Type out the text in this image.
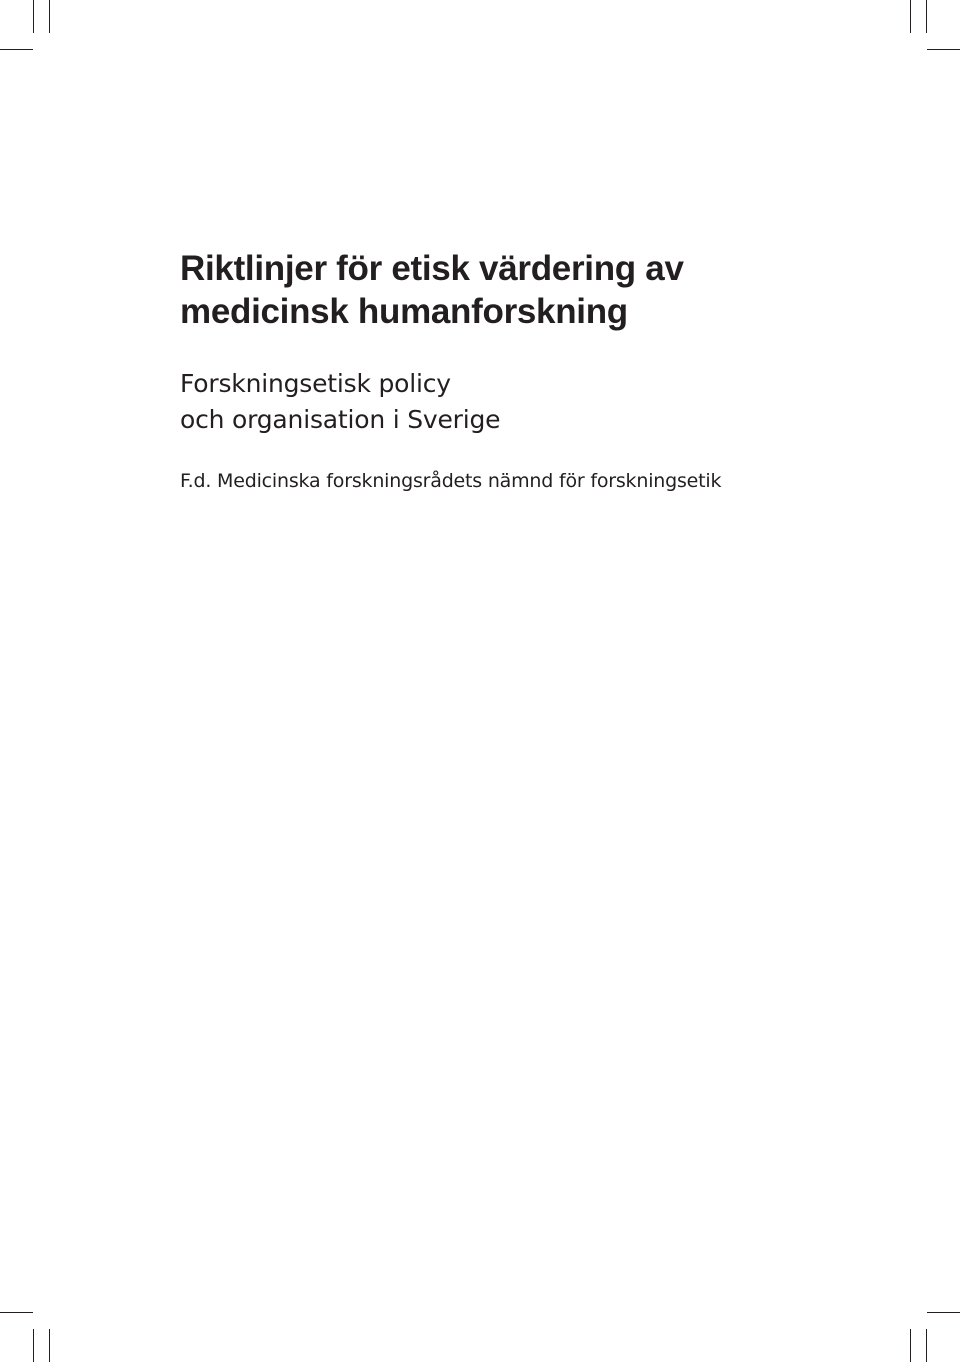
Riktlinjer för etisk värdering av
medicinsk humanforskning
Forskningsetisk policy
och organisation i Sverige

F.d. Medicinska forskningsrådets nämnd för forskningsetik
